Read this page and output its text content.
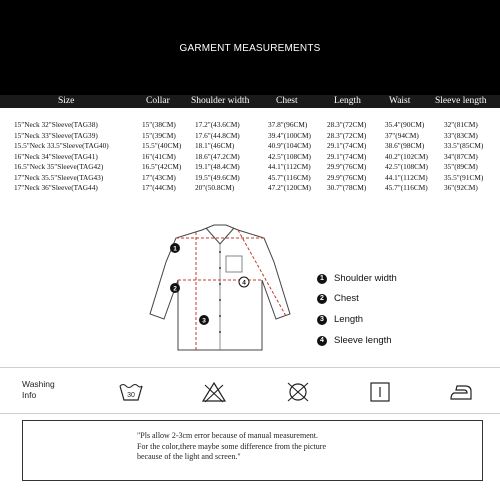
GARMENT MEASUREMENTS
Size	Collar Shoulder width	Chest	Length	Waist	Sleeve length
15"Neck 32"Sleeve(TAG38)	15"(38CM)	17.2"(43.6CM)	37.8"(96CM)	28.3"(72CM)	35.4"(90CM)	32"(81CM)
15"Neck 33"Sleeve(TAG39)	15"(39CM)	17.6"(44.8CM)	39.4"(100CM) 28.3"(72CM)	37"(94CM)	33"(83CM)
15.5"Neck 33.5"Sleeve(TAG40)	15.5"(40CM) 18.1"(46CM)	40.9"(104CM) 29.1"(74CM)	38.6"(98CM)	33.5"(85CM)
16"Neck 34"Sleeve(TAG41)	16"(41CM)	18.6"(47.2CM)	42.5"(108CM) 29.1"(74CM)	40.2"(102CM) 34"(87CM)
16.5"Neck 35"Sleeve(TAG42)	16.5"(42CM) 19.1"(48.4CM)	44.1"(112CM) 29.9"(76CM)	42.5"(108CM) 35"(89CM)
17"Neck 35.5"Sleeve(TAG43)	17"(43CM)	19.5"(49.6CM)	45.7"(116CM) 29.9"(76CM)	44.1"(112CM) 35.5"(91CM)
17"Neck 36"Sleeve(TAG44)	17"(44CM)	20"(50.8CM)	47.2"(120CM) 30.7"(78CM)	45.7"(116CM) 36"(92CM)
1
2
3
4
1	Shoulder width
2	Chest
3	Length
4	Sleeve length
Washing
Info	30

"Pls allow 2-3cm error because of manual measurement.
For the color,there maybe some difference from the picture
because of the light and screen."
